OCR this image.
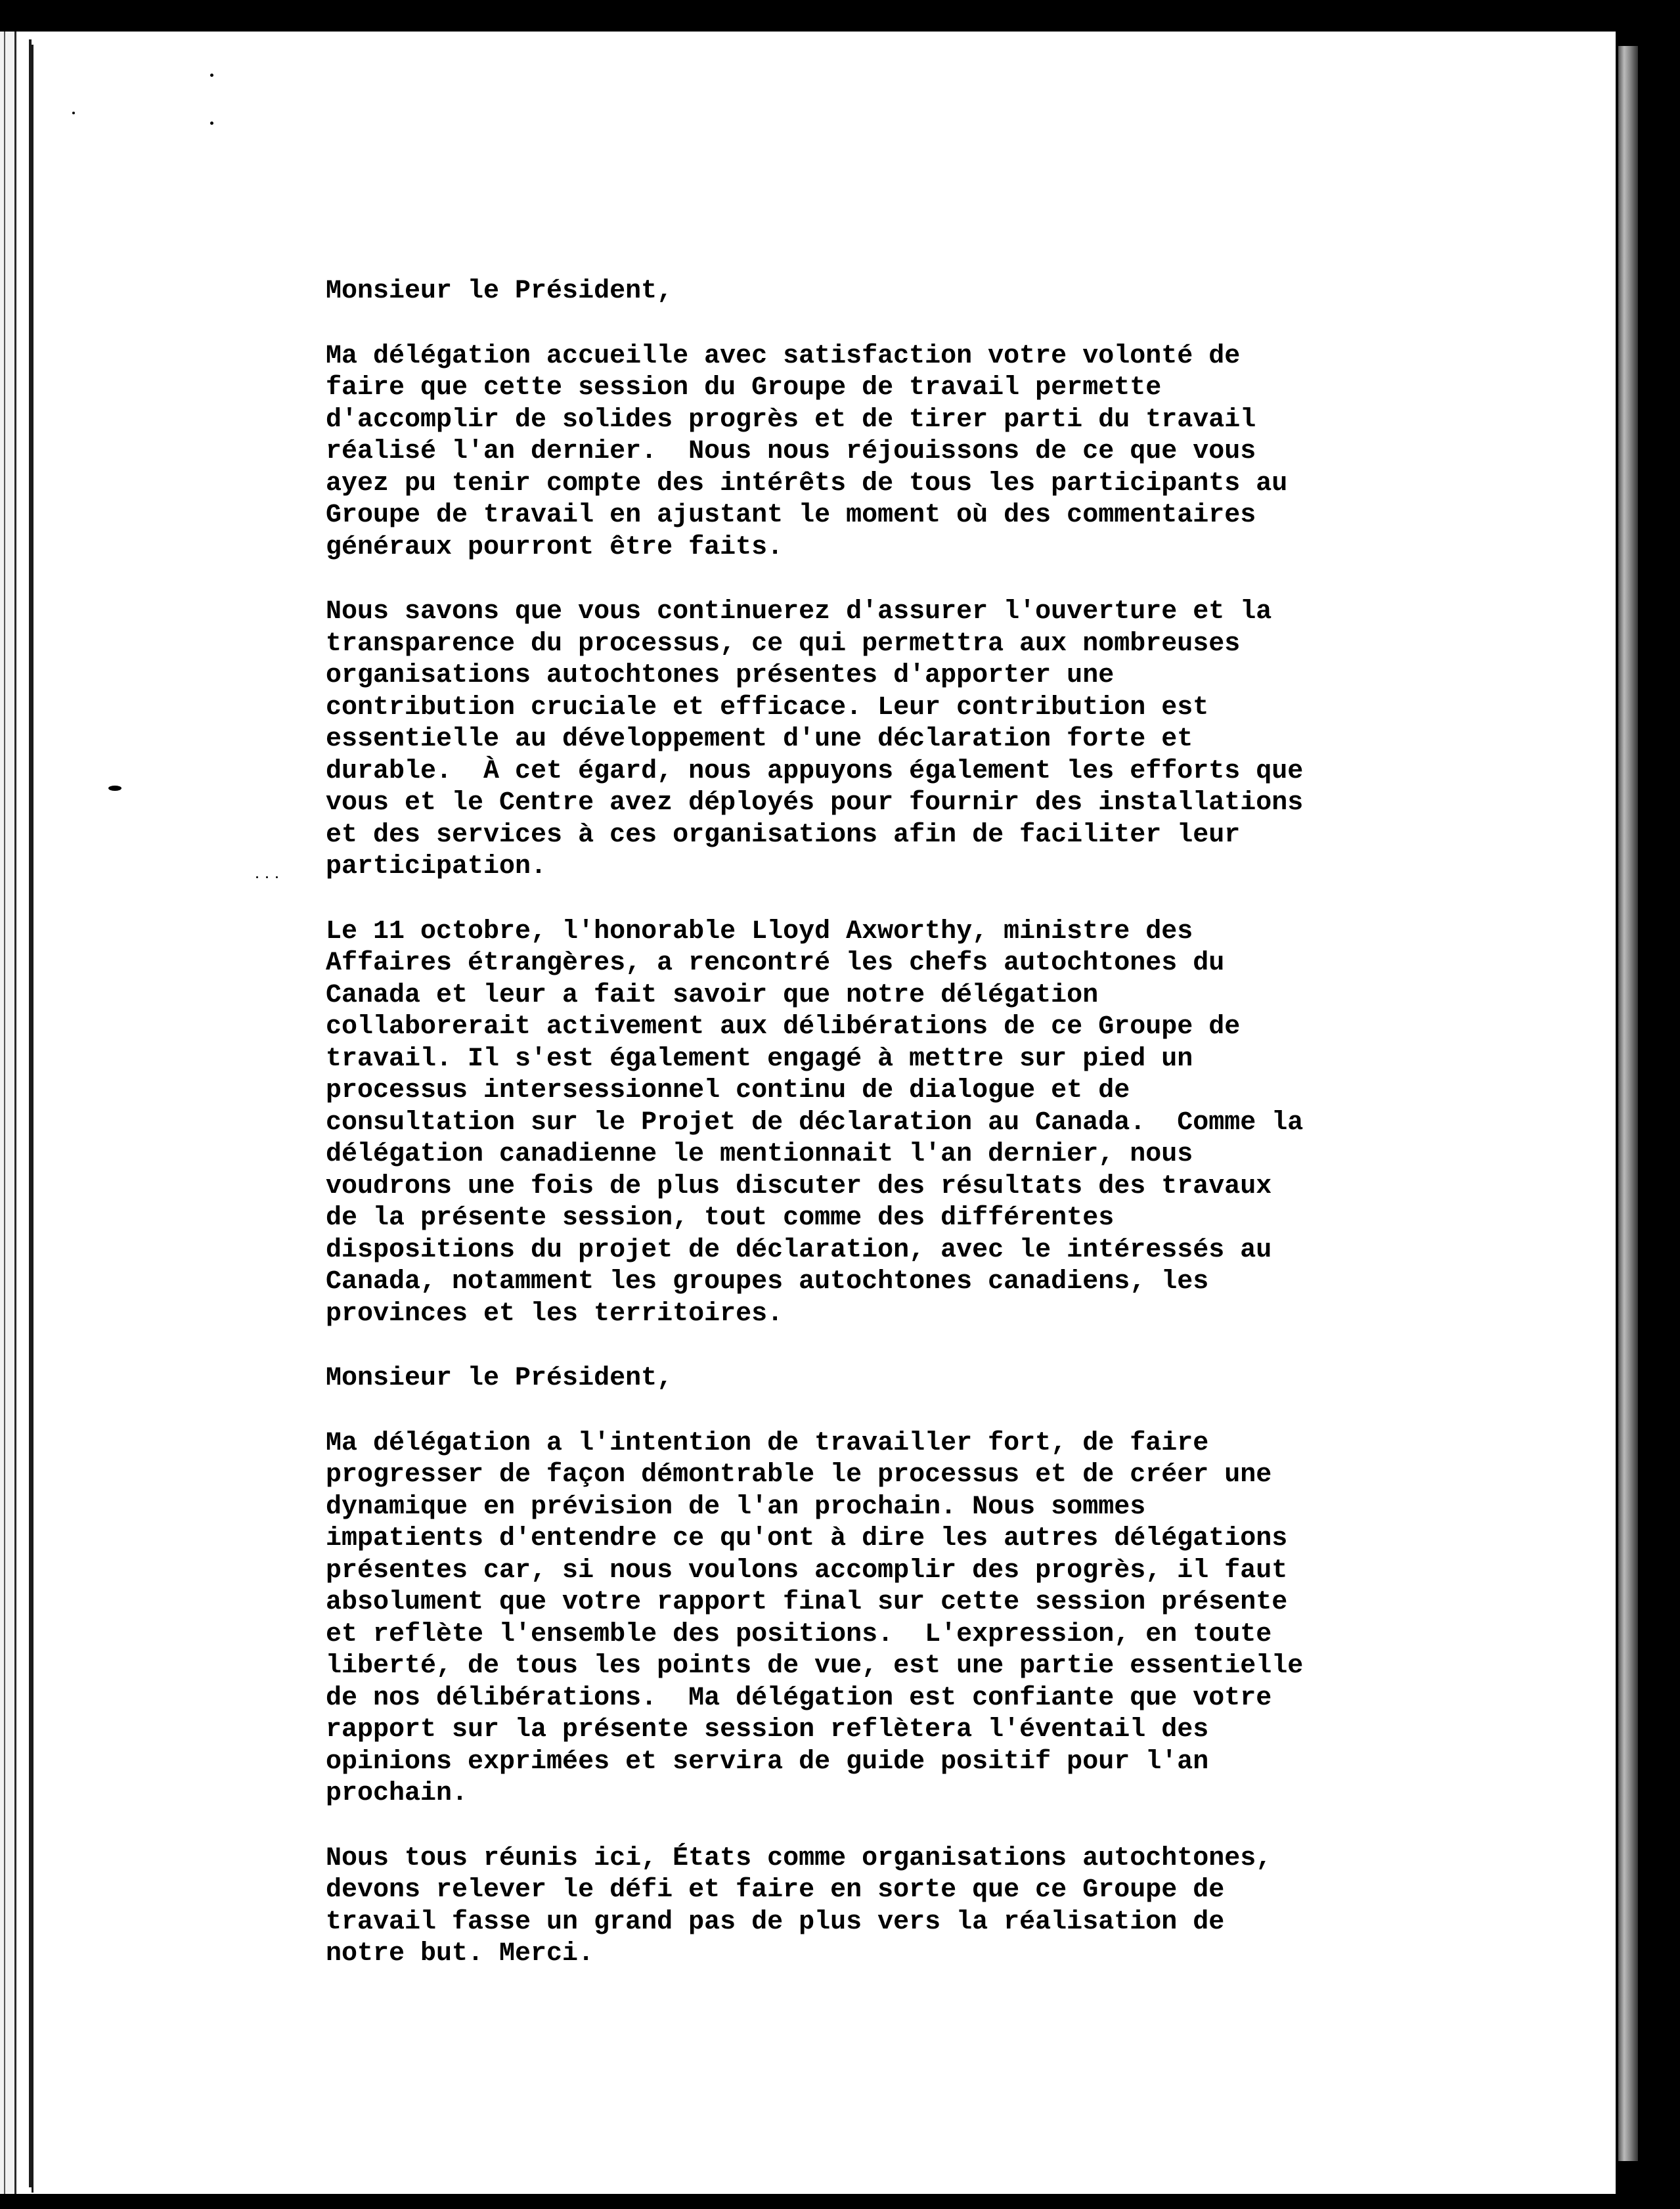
Monsieur le Président,

Ma délégation accueille avec satisfaction votre volonté de
faire que cette session du Groupe de travail permette
d'accomplir de solides progrès et de tirer parti du travail
réalisé l'an dernier.  Nous nous réjouissons de ce que vous
ayez pu tenir compte des intérêts de tous les participants au
Groupe de travail en ajustant le moment où des commentaires
généraux pourront être faits.

Nous savons que vous continuerez d'assurer l'ouverture et la
transparence du processus, ce qui permettra aux nombreuses
organisations autochtones présentes d'apporter une
contribution cruciale et efficace. Leur contribution est
essentielle au développement d'une déclaration forte et
durable.  À cet égard, nous appuyons également les efforts que
vous et le Centre avez déployés pour fournir des installations
et des services à ces organisations afin de faciliter leur
participation.

Le 11 octobre, l'honorable Lloyd Axworthy, ministre des
Affaires étrangères, a rencontré les chefs autochtones du
Canada et leur a fait savoir que notre délégation
collaborerait activement aux délibérations de ce Groupe de
travail. Il s'est également engagé à mettre sur pied un
processus intersessionnel continu de dialogue et de
consultation sur le Projet de déclaration au Canada.  Comme la
délégation canadienne le mentionnait l'an dernier, nous
voudrons une fois de plus discuter des résultats des travaux
de la présente session, tout comme des différentes
dispositions du projet de déclaration, avec le intéressés au
Canada, notamment les groupes autochtones canadiens, les
provinces et les territoires.

Monsieur le Président,

Ma délégation a l'intention de travailler fort, de faire
progresser de façon démontrable le processus et de créer une
dynamique en prévision de l'an prochain. Nous sommes
impatients d'entendre ce qu'ont à dire les autres délégations
présentes car, si nous voulons accomplir des progrès, il faut
absolument que votre rapport final sur cette session présente
et reflète l'ensemble des positions.  L'expression, en toute
liberté, de tous les points de vue, est une partie essentielle
de nos délibérations.  Ma délégation est confiante que votre
rapport sur la présente session reflètera l'éventail des
opinions exprimées et servira de guide positif pour l'an
prochain.

Nous tous réunis ici, États comme organisations autochtones,
devons relever le défi et faire en sorte que ce Groupe de
travail fasse un grand pas de plus vers la réalisation de
notre but. Merci.
